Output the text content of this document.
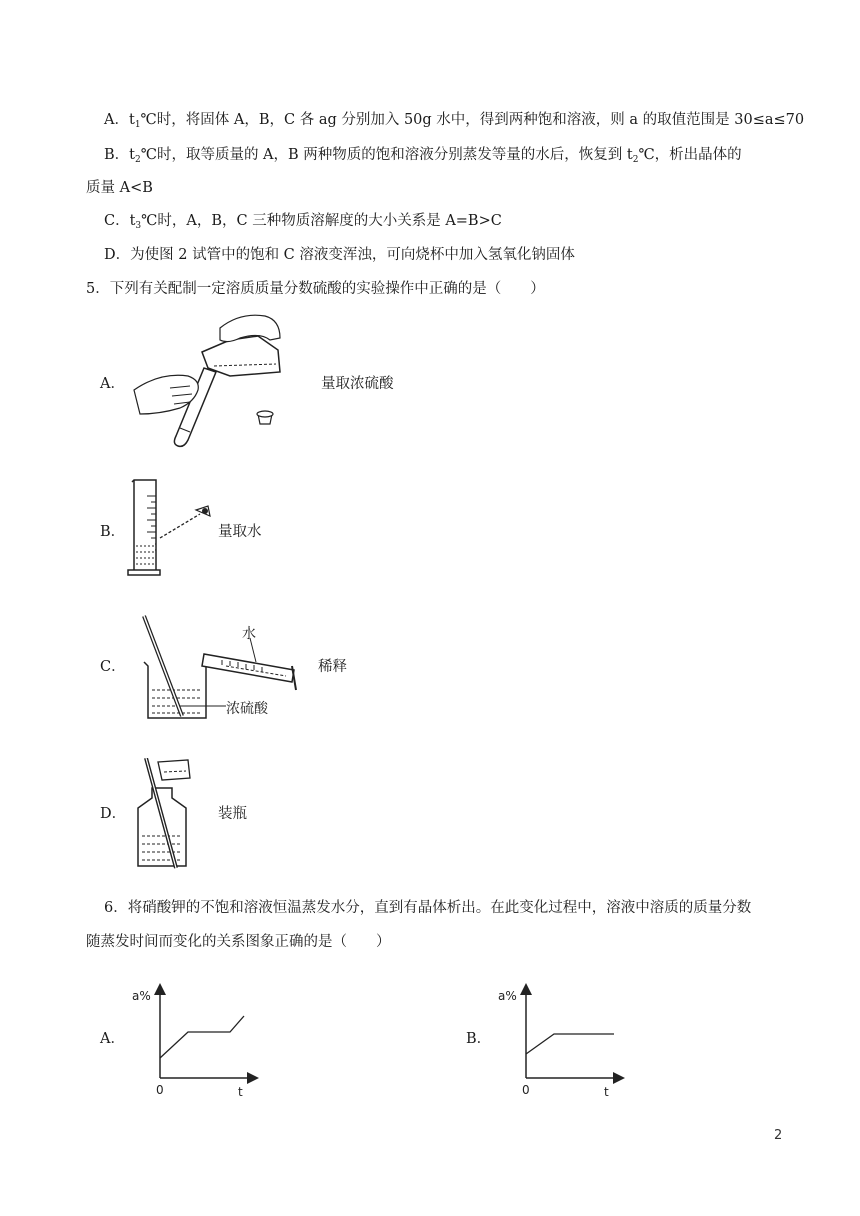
A．$t_1℃$时，将固体 A，B，C 各 ag 分别加入 50g 水中，得到两种饱和溶液，则 a 的取值范围是 30≤a≤70
B．$t_2℃$时，取等质量的 A，B 两种物质的饱和溶液分别蒸发等量的水后，恢复到 $t_2℃$，析出晶体的
质量 A<B
C．$t_3℃$时，A，B，C 三种物质溶解度的大小关系是 A=B>C
D．为使图 2 试管中的饱和 C 溶液变浑浊，可向烧杯中加入氢氧化钠固体
5．下列有关配制一定溶质质量分数硫酸的实验操作中正确的是（　　）
A．	量取浓硫酸
B．	量取水
C．
水
浓硫酸
稀释
D．	装瓶
6．将硝酸钾的不饱和溶液恒温蒸发水分，直到有晶体析出。在此变化过程中，溶液中溶质的质量分数
随蒸发时间而变化的关系图象正确的是（　　）
A．
a%
0	t
B．
a%
0	t
2
